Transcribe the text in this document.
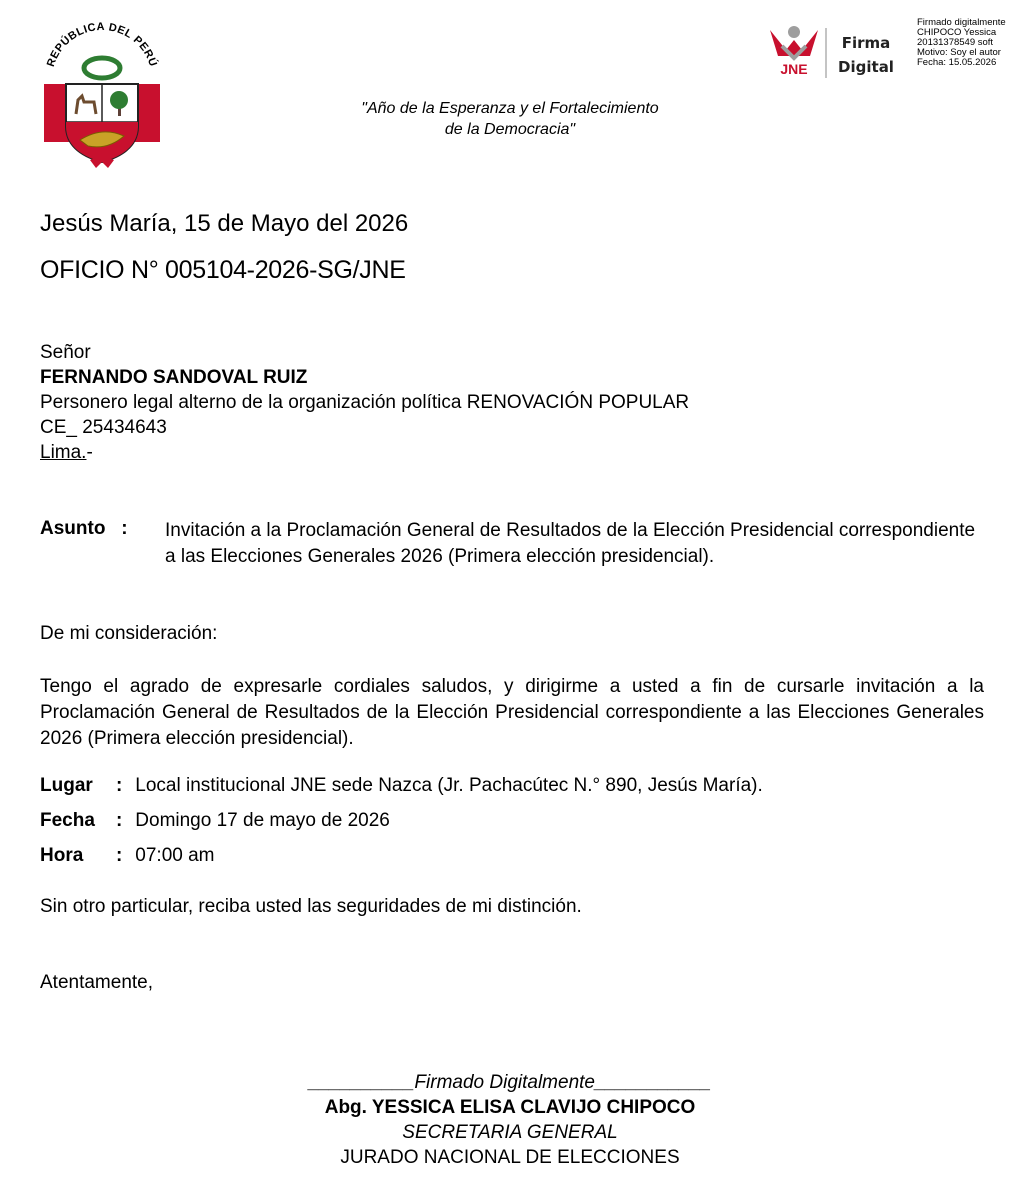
REPÚBLICA DEL PERÚ
"Año de la Esperanza y el Fortalecimiento
de la Democracia"
JNE
Firma
Digital
Firmado digitalmente
CHIPOCO Yessica
20131378549 soft
Motivo: Soy el autor
Fecha: 15.05.2026
Jesús María, 15 de Mayo del 2026
OFICIO N° 005104-2026-SG/JNE
Señor
FERNANDO SANDOVAL RUIZ
Personero legal alterno de la organización política RENOVACIÓN POPULAR
CE_ 25434643
Lima.-
Asunto   : Invitación a la Proclamación General de Resultados de la Elección Presidencial correspondiente a las Elecciones Generales 2026 (Primera elección presidencial).
De mi consideración:
Tengo el agrado de expresarle cordiales saludos, y dirigirme a usted a fin de cursarle invitación a la Proclamación General de Resultados de la Elección Presidencial correspondiente a las Elecciones Generales 2026 (Primera elección presidencial).
Lugar : Local institucional JNE sede Nazca (Jr. Pachacútec N.° 890, Jesús María).
Fecha : Domingo 17 de mayo de 2026
Hora : 07:00 am
Sin otro particular, reciba usted las seguridades de mi distinción.
Atentamente,
__________Firmado Digitalmente___________
Abg. YESSICA ELISA CLAVIJO CHIPOCO
SECRETARIA GENERAL
JURADO NACIONAL DE ELECCIONES
